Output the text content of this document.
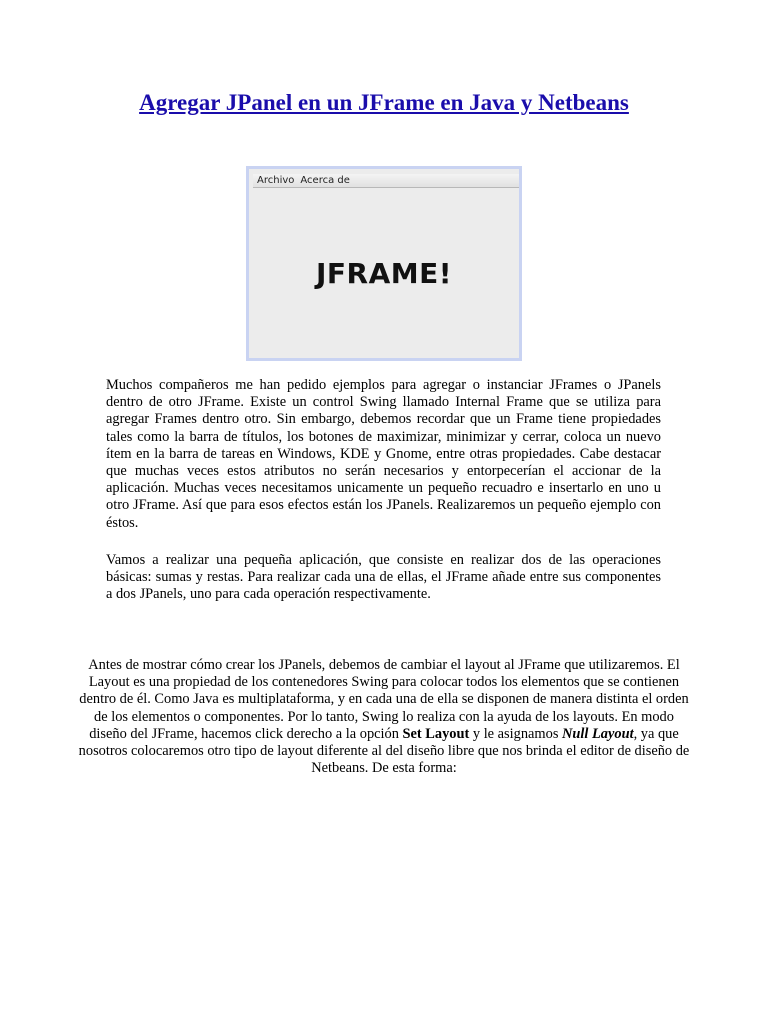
Agregar JPanel en un JFrame en Java y Netbeans
Archivo Acerca de
JFRAME!

Muchos compañeros me han pedido ejemplos para agregar o instanciar JFrames o JPanels dentro de otro JFrame. Existe un control Swing llamado Internal Frame que se utiliza para agregar Frames dentro otro. Sin embargo, debemos recordar que un Frame tiene propiedades tales como la barra de títulos, los botones de maximizar, minimizar y cerrar, coloca un nuevo ítem en la barra de tareas en Windows, KDE y Gnome, entre otras propiedades. Cabe destacar que muchas veces estos atributos no serán necesarios y entorpecerían el accionar de la aplicación. Muchas veces necesitamos unicamente un pequeño recuadro e insertarlo en uno u otro JFrame. Así que para esos efectos están los JPanels. Realizaremos un pequeño ejemplo con éstos.

Vamos a realizar una pequeña aplicación, que consiste en realizar dos de las operaciones básicas: sumas y restas. Para realizar cada una de ellas, el JFrame añade entre sus componentes a dos JPanels, uno para cada operación respectivamente.

Antes de mostrar cómo crear los JPanels, debemos de cambiar el layout al JFrame que utilizaremos. El Layout es una propiedad de los contenedores Swing para colocar todos los elementos que se contienen dentro de él. Como Java es multiplataforma, y en cada una de ella se disponen de manera distinta el orden de los elementos o componentes. Por lo tanto, Swing lo realiza con la ayuda de los layouts. En modo diseño del JFrame, hacemos click derecho a la opción Set Layout y le asignamos Null Layout, ya que nosotros colocaremos otro tipo de layout diferente al del diseño libre que nos brinda el editor de diseño de Netbeans. De esta forma:
